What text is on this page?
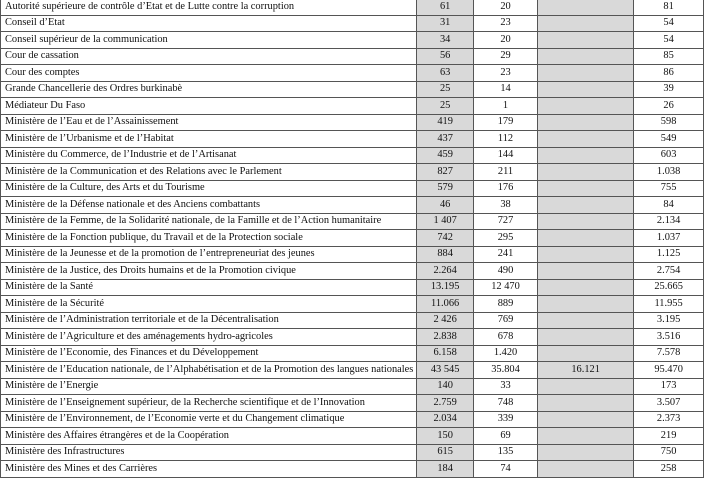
Autorité supérieure de contrôle d’Etat et de Lutte contre la corruption	61	20		81
Conseil d’Etat	31	23		54
Conseil supérieur de la communication	34	20		54
Cour de cassation	56	29		85
Cour des comptes	63	23		86
Grande Chancellerie des Ordres burkinabè	25	14		39
Médiateur Du Faso	25	1		26
Ministère de l’Eau et de l’Assainissement	419	179		598
Ministère de l’Urbanisme et de l’Habitat	437	112		549
Ministère du Commerce, de l’Industrie et de l’Artisanat	459	144		603
Ministère de la Communication et des Relations avec le Parlement	827	211		1.038
Ministère de la Culture, des Arts et du Tourisme	579	176		755
Ministère de la Défense nationale et des Anciens combattants	46	38		84
Ministère de la Femme, de la Solidarité nationale, de la Famille et de l’Action humanitaire	1 407	727		2.134
Ministère de la Fonction publique, du Travail et de la Protection sociale	742	295		1.037
Ministère de la Jeunesse et de la promotion de l’entrepreneuriat des jeunes	884	241		1.125
Ministère de la Justice, des Droits humains et de la Promotion civique	2.264	490		2.754
Ministère de la Santé	13.195	12 470		25.665
Ministère de la Sécurité	11.066	889		11.955
Ministère de l’Administration territoriale et de la Décentralisation	2 426	769		3.195
Ministère de l’Agriculture et des aménagements hydro-agricoles	2.838	678		3.516
Ministère de l’Economie, des Finances et du Développement	6.158	1.420		7.578
Ministère de l’Education nationale, de l’Alphabétisation et de la Promotion des langues nationales	43 545	35.804	16.121	95.470
Ministère de l’Energie	140	33		173
Ministère de l’Enseignement supérieur, de la Recherche scientifique et de l’Innovation	2.759	748		3.507
Ministère de l’Environnement, de l’Economie verte et du Changement climatique	2.034	339		2.373
Ministère des Affaires étrangères et de la Coopération	150	69		219
Ministère des Infrastructures	615	135		750
Ministère des Mines et des Carrières	184	74		258
